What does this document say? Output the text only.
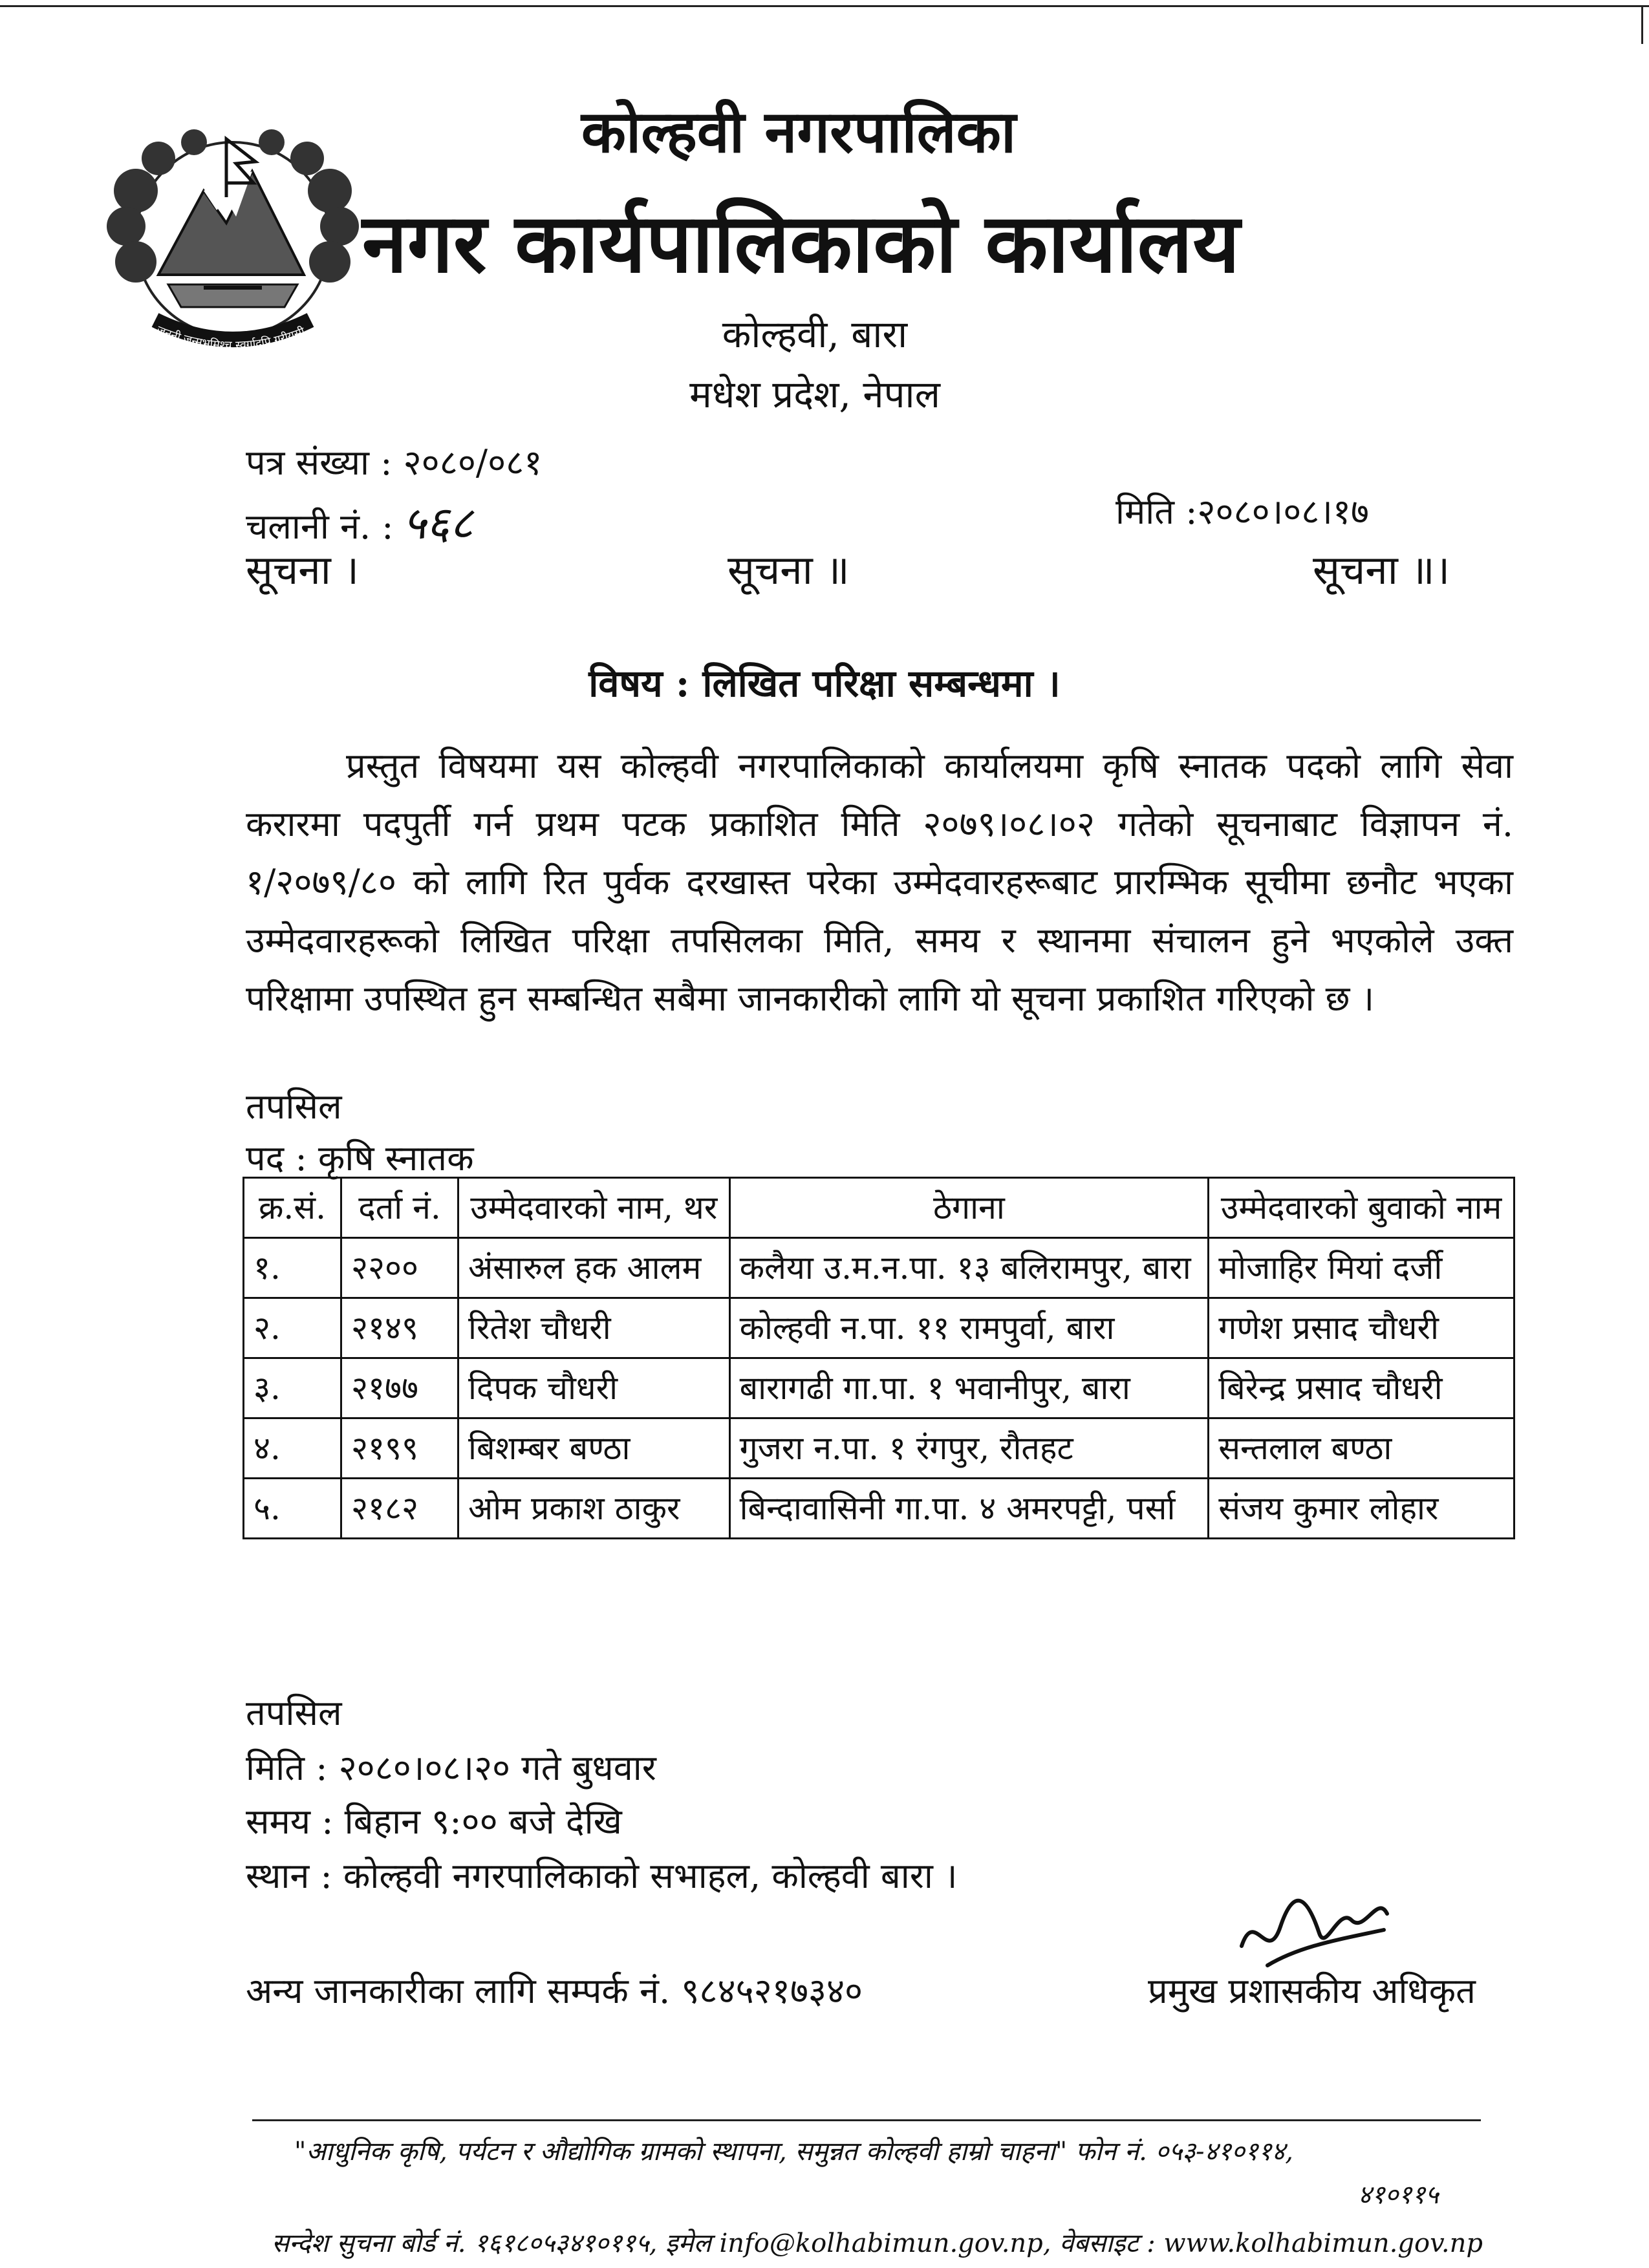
जननी जन्मभूमिश्च स्वर्गादपि गरीयसी
कोल्हवी नगरपालिका
नगर कार्यपालिकाको कार्यालय
कोल्हवी, बारा
मधेश प्रदेश, नेपाल
पत्र संख्या : २०८०/०८१
चलानी नं. : ५६८	मिति :२०८०।०८।१७
सूचना ।	सूचना ॥	सूचना ॥।
विषय : लिखित परिक्षा सम्बन्धमा ।
प्रस्तुत विषयमा यस कोल्हवी नगरपालिकाको कार्यालयमा कृषि स्नातक पदको लागि सेवा करारमा पदपुर्ती गर्न प्रथम पटक प्रकाशित मिति २०७९।०८।०२ गतेको सूचनाबाट विज्ञापन नं. १/२०७९/८० को लागि रित पुर्वक दरखास्त परेका उम्मेदवारहरूबाट प्रारम्भिक सूचीमा छनौट भएका उम्मेदवारहरूको लिखित परिक्षा तपसिलका मिति, समय र स्थानमा संचालन हुने भएकोले उक्त परिक्षामा उपस्थित हुन सम्बन्धित सबैमा जानकारीको लागि यो सूचना प्रकाशित गरिएको छ ।
तपसिल
पद : कृषि स्नातक
क्र.सं.	दर्ता नं.	उम्मेदवारको नाम, थर	ठेगाना	उम्मेदवारको बुवाको नाम
१.	२२००	अंसारुल हक आलम	कलैया उ.म.न.पा. १३ बलिरामपुर, बारा	मोजाहिर मियां दर्जी
२.	२१४९	रितेश चौधरी	कोल्हवी न.पा. ११ रामपुर्वा, बारा	गणेश प्रसाद चौधरी
३.	२१७७	दिपक चौधरी	बारागढी गा.पा. १ भवानीपुर, बारा	बिरेन्द्र प्रसाद चौधरी
४.	२१९९	बिशम्बर बण्ठा	गुजरा न.पा. १ रंगपुर, रौतहट	सन्तलाल बण्ठा
५.	२१८२	ओम प्रकाश ठाकुर	बिन्दावासिनी गा.पा. ४ अमरपट्टी, पर्सा	संजय कुमार लोहार
तपसिल
मिति : २०८०।०८।२० गते बुधवार
समय : बिहान ९:०० बजे देखि
स्थान : कोल्हवी नगरपालिकाको सभाहल, कोल्हवी बारा ।
अन्य जानकारीका लागि सम्पर्क नं. ९८४५२१७३४०	प्रमुख प्रशासकीय अधिकृत
"आधुनिक कृषि, पर्यटन र औद्योगिक ग्रामको स्थापना, समुन्नत कोल्हवी हाम्रो चाहना" फोन नं. ०५३-४१०११४,
४१०११५
सन्देश सुचना बोर्ड नं. १६१८०५३४१०११५, इमेल info@kolhabimun.gov.np, वेबसाइट : www.kolhabimun.gov.np
